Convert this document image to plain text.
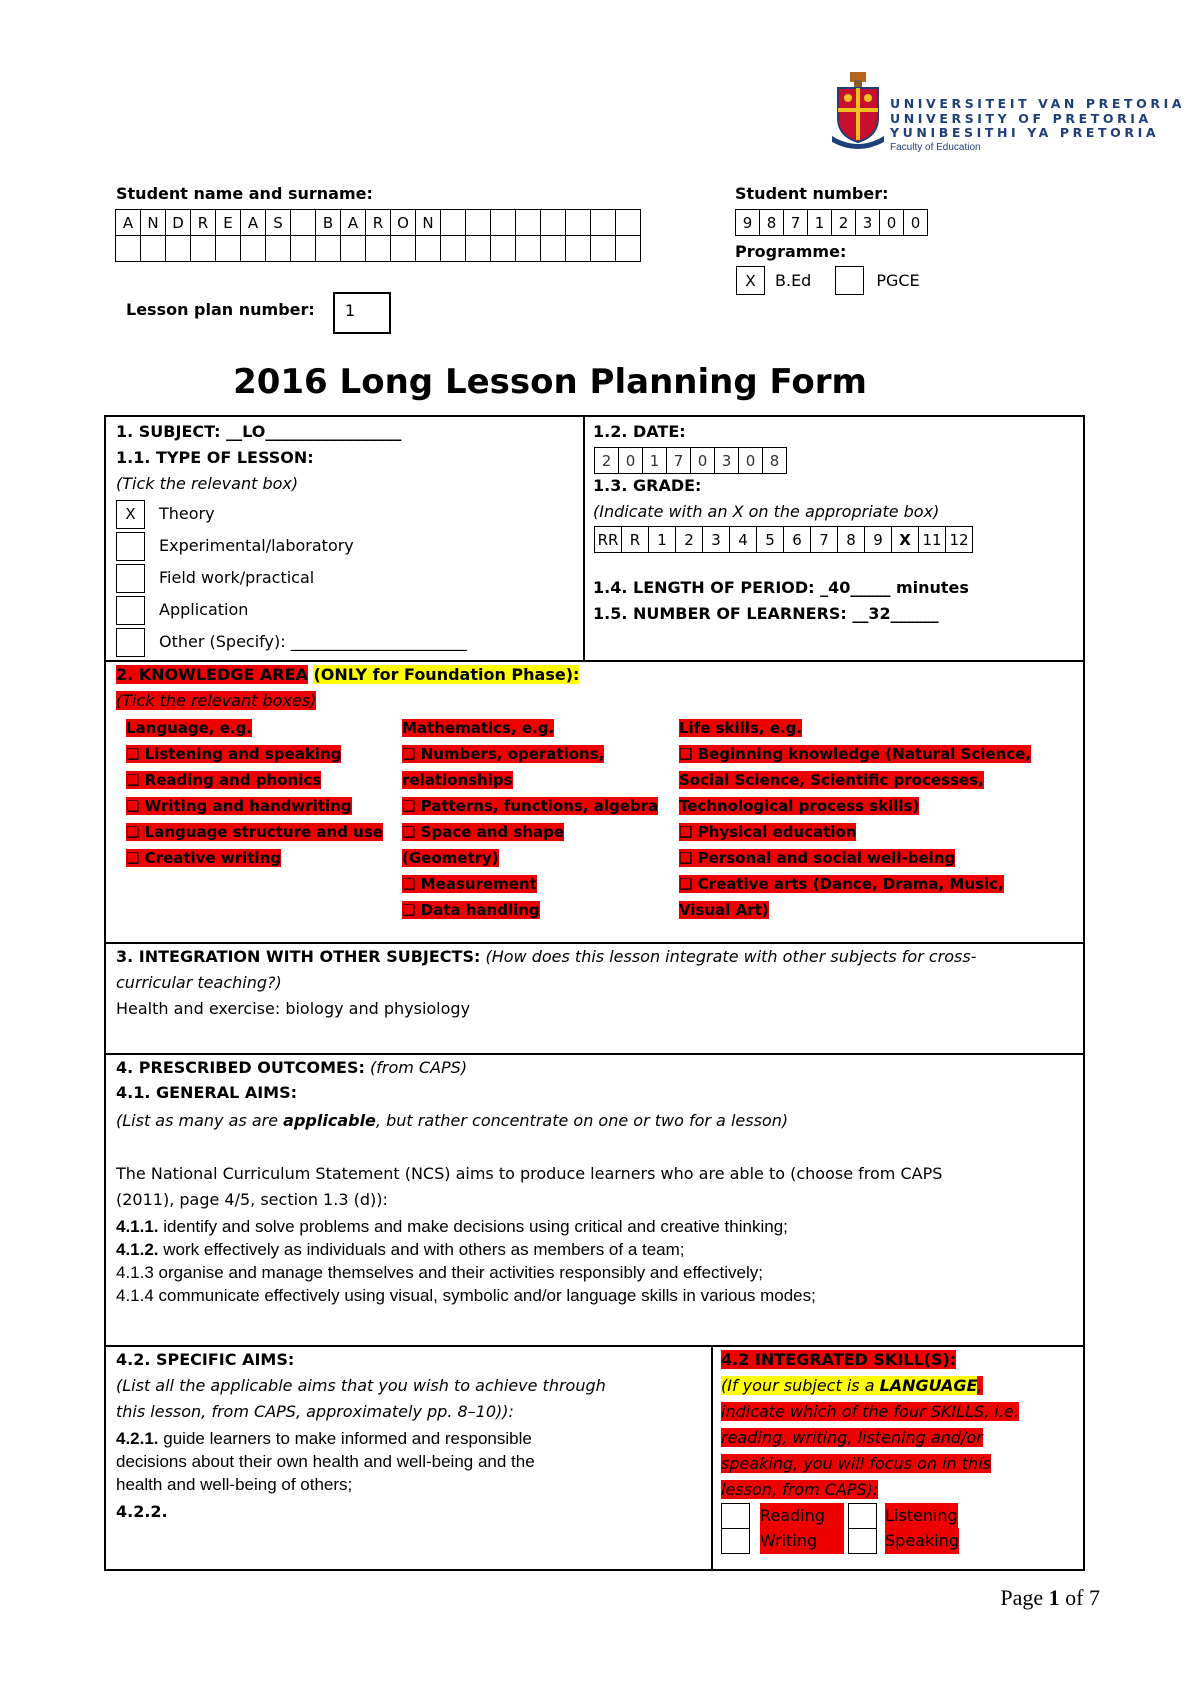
UNIVERSITEIT VAN PRETORIA
UNIVERSITY OF PRETORIA
YUNIBESITHI YA PRETORIA
Faculty of Education
Student name and surname:
A N D R	E	A	S	B A R O N
Student number:
9 8 7 1 2 3 0 0
Programme:
X	B.Ed	PGCE
Lesson plan number:	1
2016 Long Lesson Planning Form
1. SUBJECT: __LO_________________
1.1. TYPE OF LESSON:
(Tick the relevant box)
X	Theory
Experimental/laboratory
Field work/practical
Application
Other (Specify): ______________________
1.2. DATE:
2 0 1 7 0 3 0 8
1.3. GRADE:
(Indicate with an X on the appropriate box)
RR R	1	2	3	4	5	6	7	8	9	X 11 12
1.4. LENGTH OF PERIOD: _40_____ minutes
1.5. NUMBER OF LEARNERS: __32______
2. KNOWLEDGE AREA (ONLY for Foundation Phase):
(Tick the relevant boxes)
Language, e.g.
❑ Listening and speaking
❑ Reading and phonics
❑ Writing and handwriting
❑ Language structure and use
❑ Creative writing
Mathematics, e.g.
❑ Numbers, operations,
relationships
❑ Patterns, functions, algebra
❑ Space and shape
(Geometry)
❑ Measurement
❑ Data handling
Life skills, e.g.
❑ Beginning knowledge (Natural Science,
Social Science, Scientific processes,
Technological process skills)
❑ Physical education
❑ Personal and social well-being
❑ Creative arts (Dance, Drama, Music,
Visual Art)
3. INTEGRATION WITH OTHER SUBJECTS: (How does this lesson integrate with other subjects for cross-
curricular teaching?)
Health and exercise: biology and physiology
4. PRESCRIBED OUTCOMES: (from CAPS)
4.1. GENERAL AIMS:
(List as many as are applicable, but rather concentrate on one or two for a lesson)
The National Curriculum Statement (NCS) aims to produce learners who are able to (choose from CAPS
(2011), page 4/5, section 1.3 (d)):
4.1.1. identify and solve problems and make decisions using critical and creative thinking;
4.1.2. work effectively as individuals and with others as members of a team;
4.1.3 organise and manage themselves and their activities responsibly and effectively;
4.1.4 communicate effectively using visual, symbolic and/or language skills in various modes;
4.2. SPECIFIC AIMS:
(List all the applicable aims that you wish to achieve through
this lesson, from CAPS, approximately pp. 8–10)):
4.2.1. guide learners to make informed and responsible
decisions about their own health and well-being and the
health and well-being of others;
4.2.2.
4.2 INTEGRATED SKILL(S):
(If your subject is a LANGUAGE,
indicate which of the four SKILLS, i.e.
reading, writing, listening and/or
speaking, you will focus on in this
lesson, from CAPS):
Reading	Listening
Writing	Speaking
Page 1 of 7
